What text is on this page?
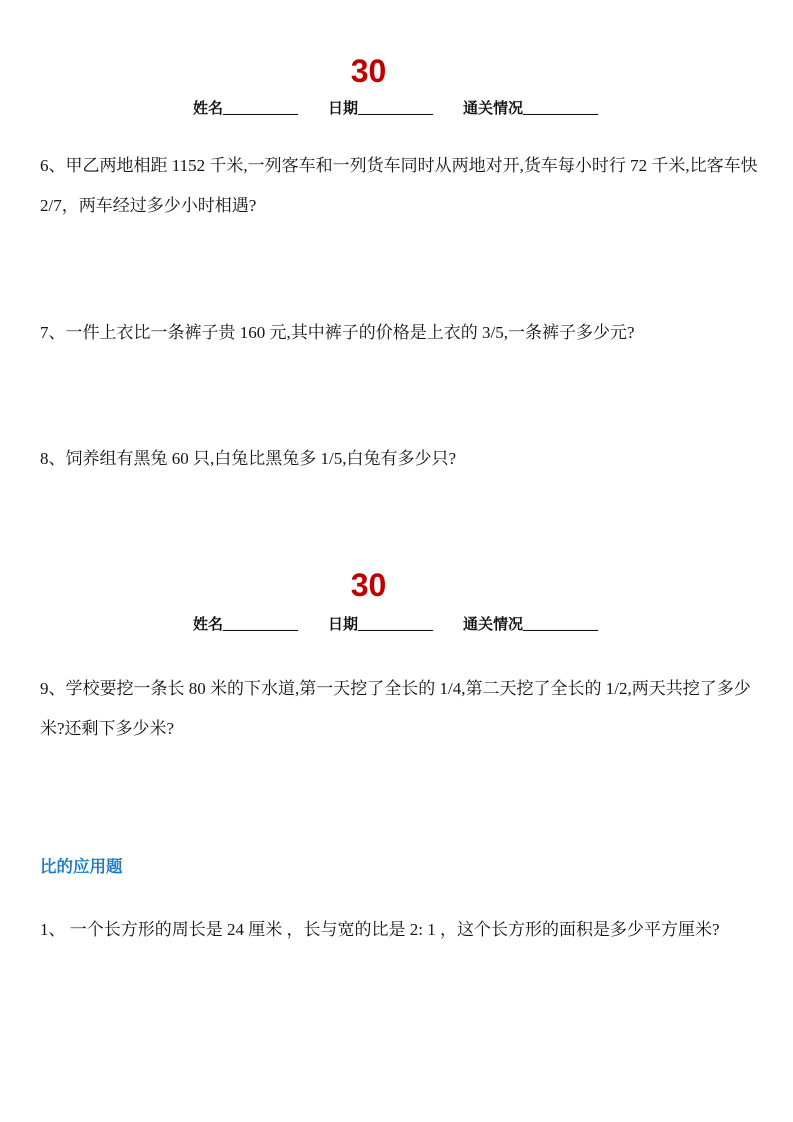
30
姓名 __________ 日期 __________ 通关情况 __________

6、甲乙两地相距 1152 千米,一列客车和一列货车同时从两地对开,货车每小时行 72 千米,比客车快 2/7，两车经过多少小时相遇?

7、一件上衣比一条裤子贵 160 元,其中裤子的价格是上衣的 3/5,一条裤子多少元?

8、饲养组有黑兔 60 只,白兔比黑兔多 1/5,白兔有多少只?

30
姓名 __________ 日期 __________ 通关情况 __________

9、学校要挖一条长 80 米的下水道,第一天挖了全长的 1/4,第二天挖了全长的 1/2,两天共挖了多少米?还剩下多少米?

比的应用题

1、 一个长方形的周长是 24 厘米 ，长与宽的比是 2: 1 ，这个长方形的面积是多少平方厘米?
